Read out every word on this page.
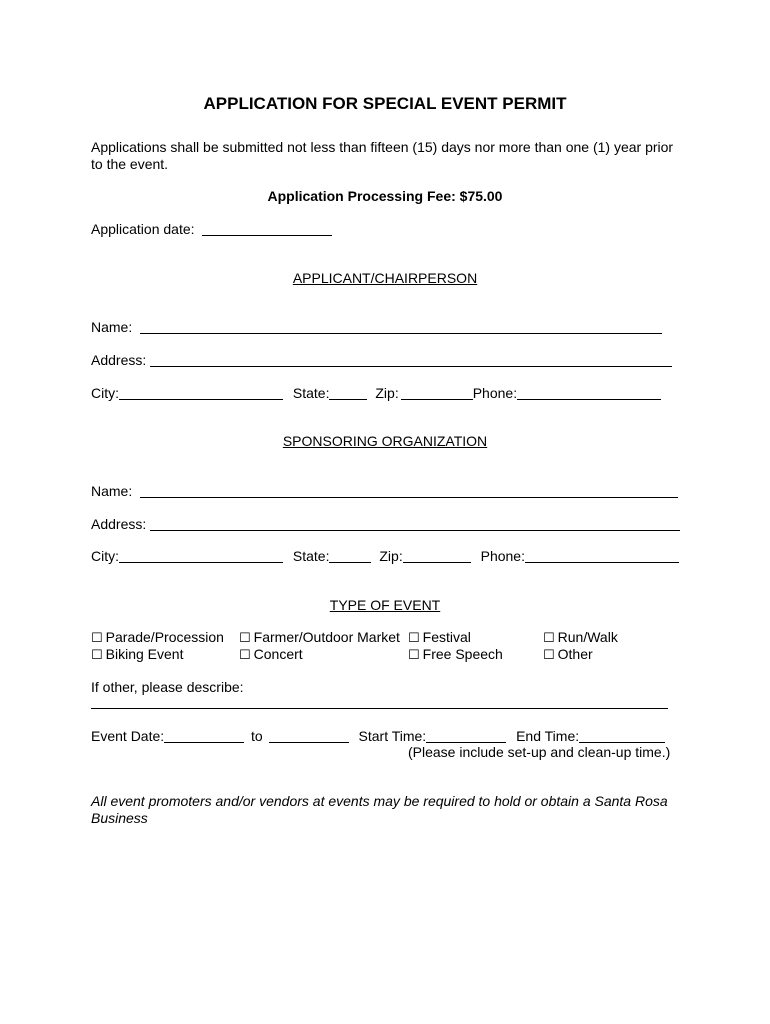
APPLICATION FOR SPECIAL EVENT PERMIT
Applications shall be submitted not less than fifteen (15) days nor more than one (1) year prior
to the event.
Application Processing Fee: $75.00
Application date:
APPLICANT/CHAIRPERSON
Name:
Address:
City:	State:	Zip:	Phone:
SPONSORING ORGANIZATION
Name:
Address:
City:	State:	Zip:	Phone:
TYPE OF EVENT
☐ Parade/Procession ☐ Farmer/Outdoor Market ☐ Festival	☐ Run/Walk
☐ Biking Event	☐ Concert	☐ Free Speech	☐ Other
If other, please describe:
Event Date:	to	Start Time:	End Time:
(Please include set-up and clean-up time.)
All event promoters and/or vendors at events may be required to hold or obtain a Santa Rosa
Business
